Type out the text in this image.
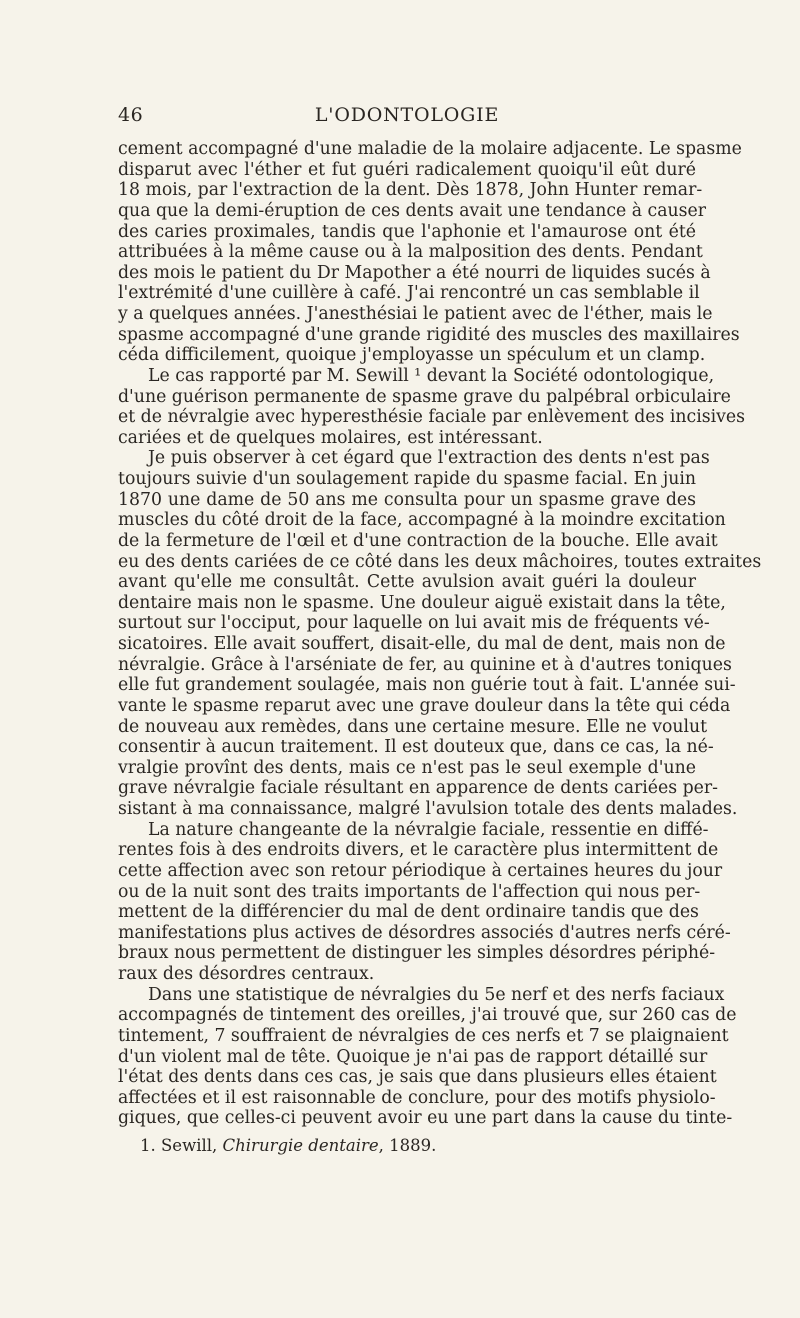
46	L'ODONTOLOGIE
cement accompagné d'une maladie de la molaire adjacente. Le spasme
disparut avec l'éther et fut guéri radicalement quoiqu'il eût duré
18 mois, par l'extraction de la dent. Dès 1878, John Hunter remar-
qua que la demi-éruption de ces dents avait une tendance à causer
des caries proximales, tandis que l'aphonie et l'amaurose ont été
attribuées à la même cause ou à la malposition des dents. Pendant
des mois le patient du Dr Mapother a été nourri de liquides sucés à
l'extrémité d'une cuillère à café. J'ai rencontré un cas semblable il
y a quelques années. J'anesthésiai le patient avec de l'éther, mais le
spasme accompagné d'une grande rigidité des muscles des maxillaires
céda difficilement, quoique j'employasse un spéculum et un clamp.
Le cas rapporté par M. Sewill ¹ devant la Société odontologique,
d'une guérison permanente de spasme grave du palpébral orbiculaire
et de névralgie avec hyperesthésie faciale par enlèvement des incisives
cariées et de quelques molaires, est intéressant.
Je puis observer à cet égard que l'extraction des dents n'est pas
toujours suivie d'un soulagement rapide du spasme facial. En juin
1870 une dame de 50 ans me consulta pour un spasme grave des
muscles du côté droit de la face, accompagné à la moindre excitation
de la fermeture de l'œil et d'une contraction de la bouche. Elle avait
eu des dents cariées de ce côté dans les deux mâchoires, toutes extraites
avant qu'elle me consultât. Cette avulsion avait guéri la douleur
dentaire mais non le spasme. Une douleur aiguë existait dans la tête,
surtout sur l'occiput, pour laquelle on lui avait mis de fréquents vé-
sicatoires. Elle avait souffert, disait-elle, du mal de dent, mais non de
névralgie. Grâce à l'arséniate de fer, au quinine et à d'autres toniques
elle fut grandement soulagée, mais non guérie tout à fait. L'année sui-
vante le spasme reparut avec une grave douleur dans la tête qui céda
de nouveau aux remèdes, dans une certaine mesure. Elle ne voulut
consentir à aucun traitement. Il est douteux que, dans ce cas, la né-
vralgie provînt des dents, mais ce n'est pas le seul exemple d'une
grave névralgie faciale résultant en apparence de dents cariées per-
sistant à ma connaissance, malgré l'avulsion totale des dents malades.
La nature changeante de la névralgie faciale, ressentie en diffé-
rentes fois à des endroits divers, et le caractère plus intermittent de
cette affection avec son retour périodique à certaines heures du jour
ou de la nuit sont des traits importants de l'affection qui nous per-
mettent de la différencier du mal de dent ordinaire tandis que des
manifestations plus actives de désordres associés d'autres nerfs céré-
braux nous permettent de distinguer les simples désordres périphé-
raux des désordres centraux.
Dans une statistique de névralgies du 5e nerf et des nerfs faciaux
accompagnés de tintement des oreilles, j'ai trouvé que, sur 260 cas de
tintement, 7 souffraient de névralgies de ces nerfs et 7 se plaignaient
d'un violent mal de tête. Quoique je n'ai pas de rapport détaillé sur
l'état des dents dans ces cas, je sais que dans plusieurs elles étaient
affectées et il est raisonnable de conclure, pour des motifs physiolo-
giques, que celles-ci peuvent avoir eu une part dans la cause du tinte-
1. Sewill, Chirurgie dentaire, 1889.
